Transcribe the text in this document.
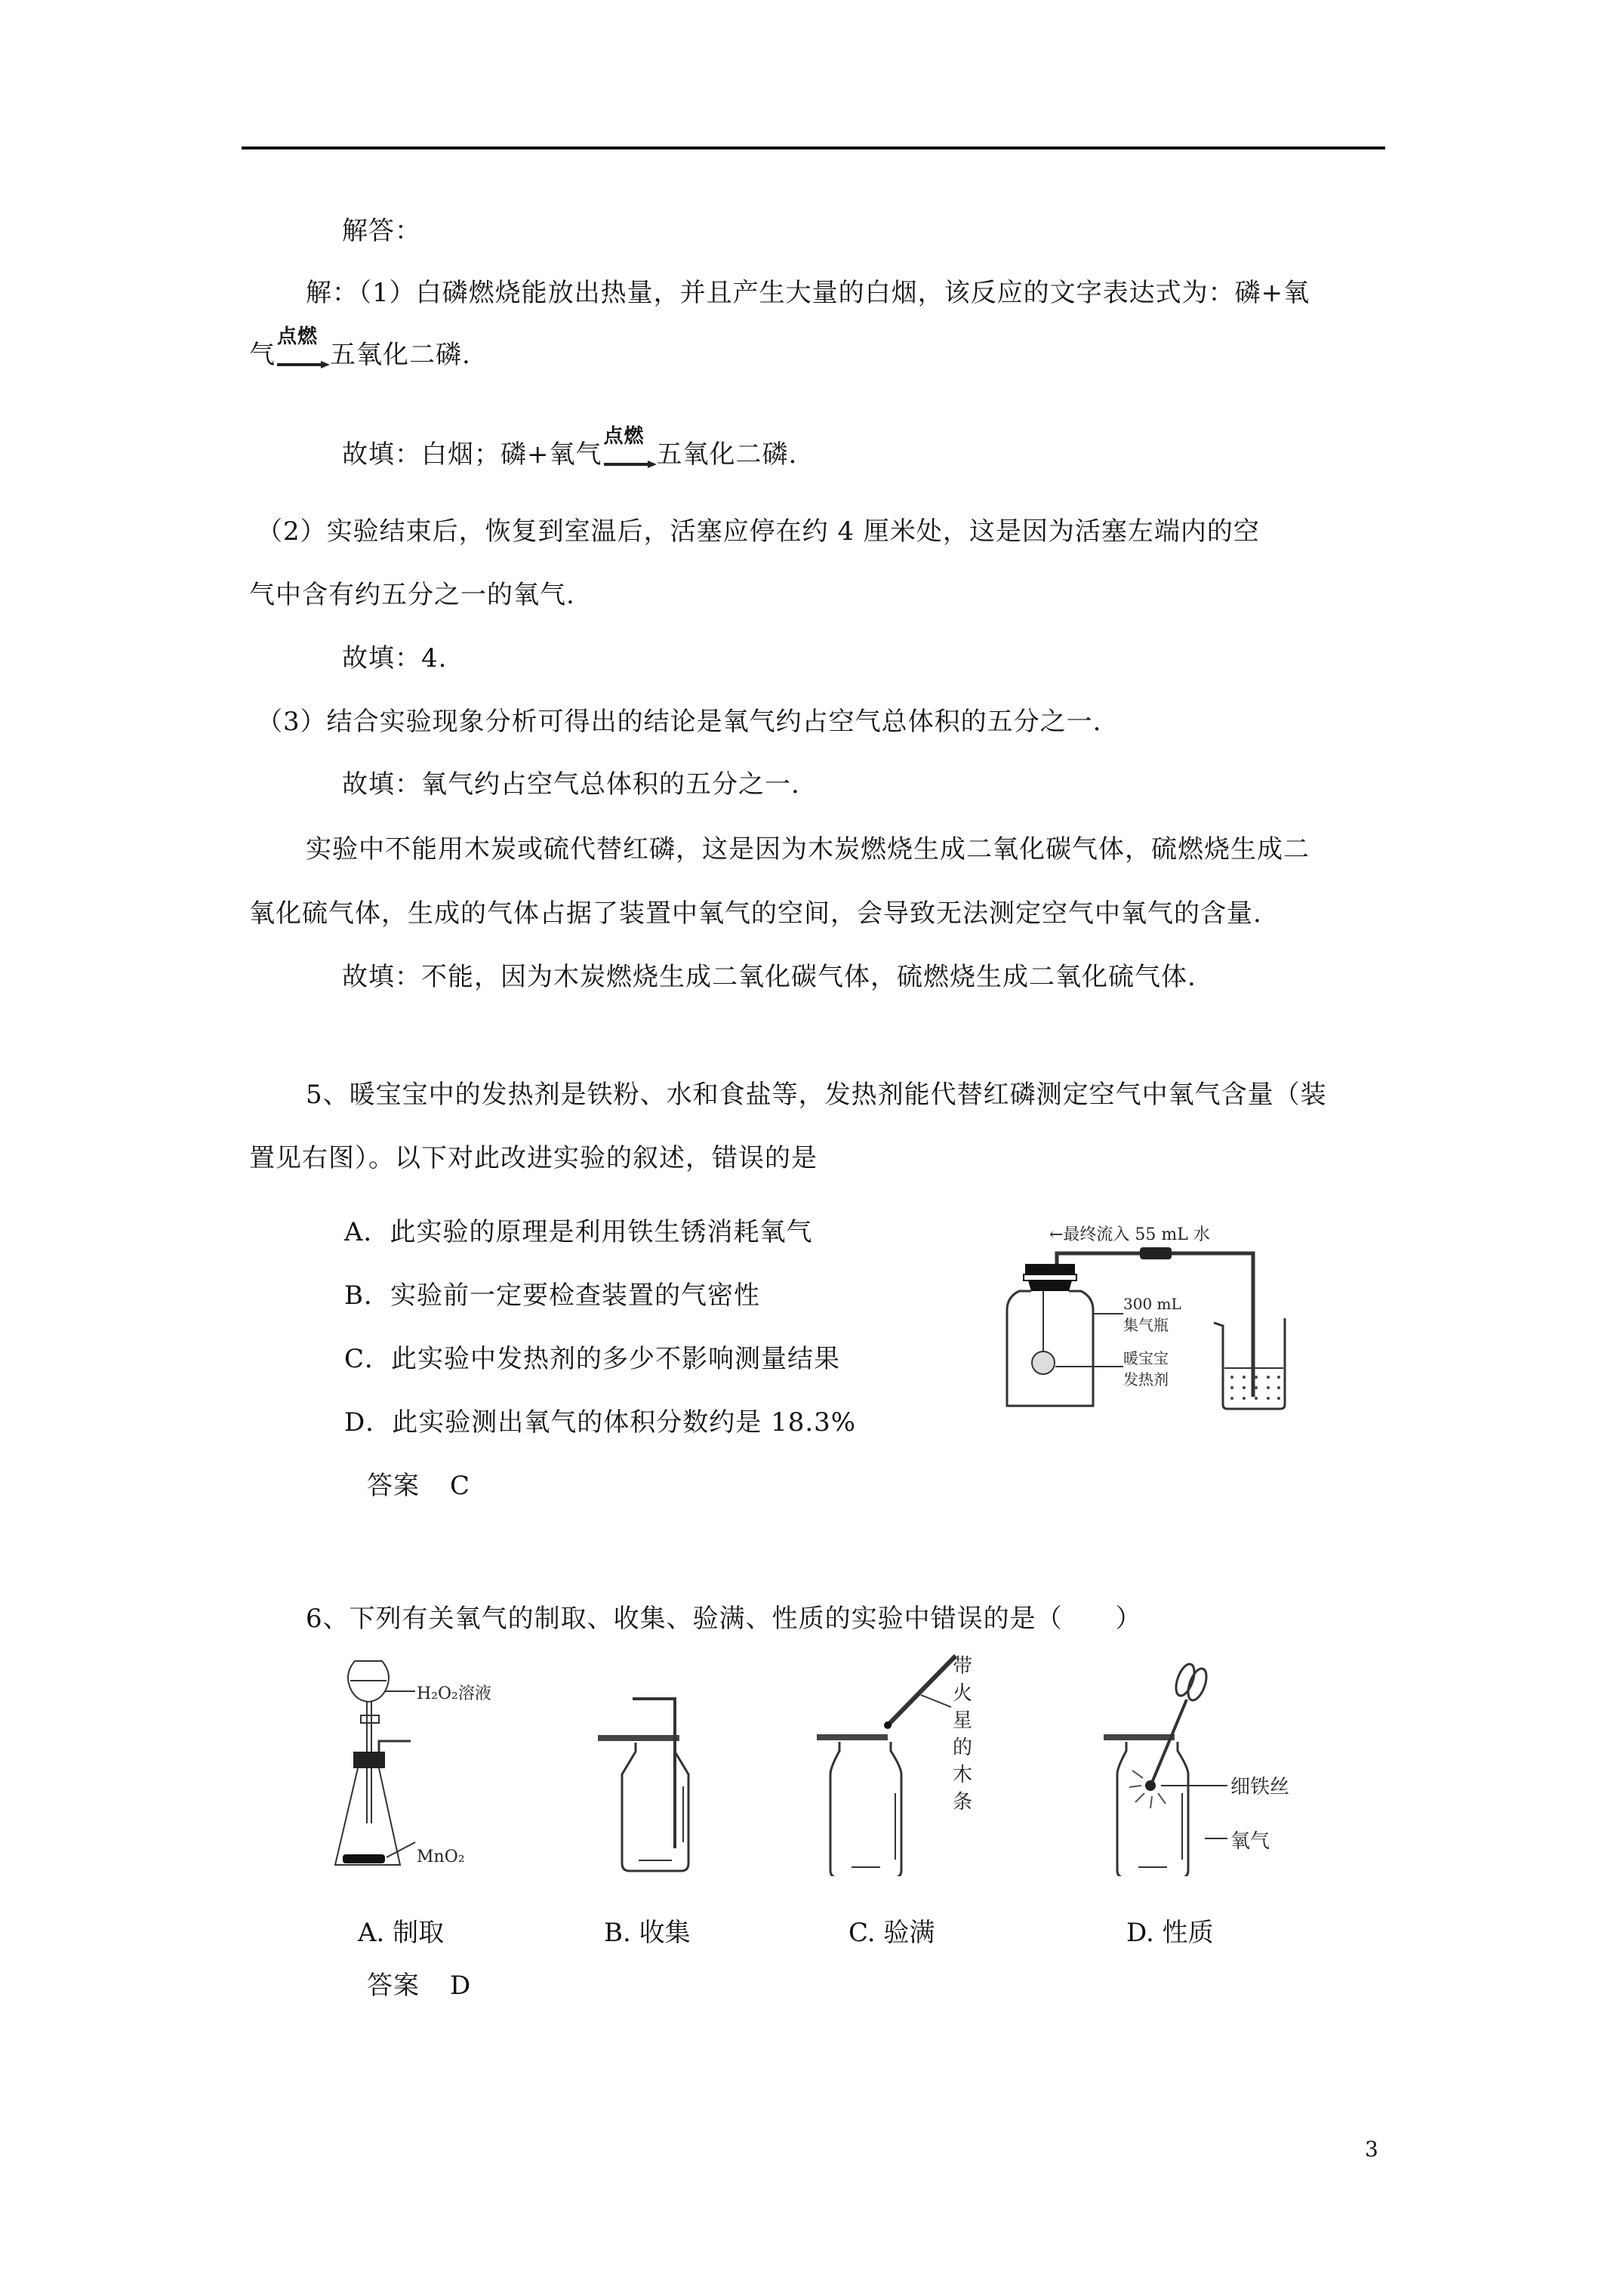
解答：
解：（1）白磷燃烧能放出热量，并且产生大量的白烟，该反应的文字表达式为：磷+氧
气
点燃
五氧化二磷.
故填：白烟；磷+氧气
点燃
五氧化二磷.
（2）实验结束后，恢复到室温后，活塞应停在约 4 厘米处，这是因为活塞左端内的空
气中含有约五分之一的氧气.
故填：4.
（3）结合实验现象分析可得出的结论是氧气约占空气总体积的五分之一.
故填：氧气约占空气总体积的五分之一.
实验中不能用木炭或硫代替红磷，这是因为木炭燃烧生成二氧化碳气体，硫燃烧生成二
氧化硫气体，生成的气体占据了装置中氧气的空间，会导致无法测定空气中氧气的含量.
故填：不能，因为木炭燃烧生成二氧化碳气体，硫燃烧生成二氧化硫气体.
5、暖宝宝中的发热剂是铁粉、水和食盐等，发热剂能代替红磷测定空气中氧气含量（装
置见右图）。以下对此改进实验的叙述，错误的是
A．此实验的原理是利用铁生锈消耗氧气
B．实验前一定要检查装置的气密性
C．此实验中发热剂的多少不影响测量结果
D．此实验测出氧气的体积分数约是 18.3%
答案 C
←最终流入 55 mL 水
300 mL
集气瓶
暖宝宝
发热剂
6、下列有关氧气的制取、收集、验满、性质的实验中错误的是（　　）
H₂O₂溶液
MnO₂
带
火
星
的
木
条
细铁丝
氧气
A. 制取	B. 收集	C. 验满	D. 性质
答案 D
3
